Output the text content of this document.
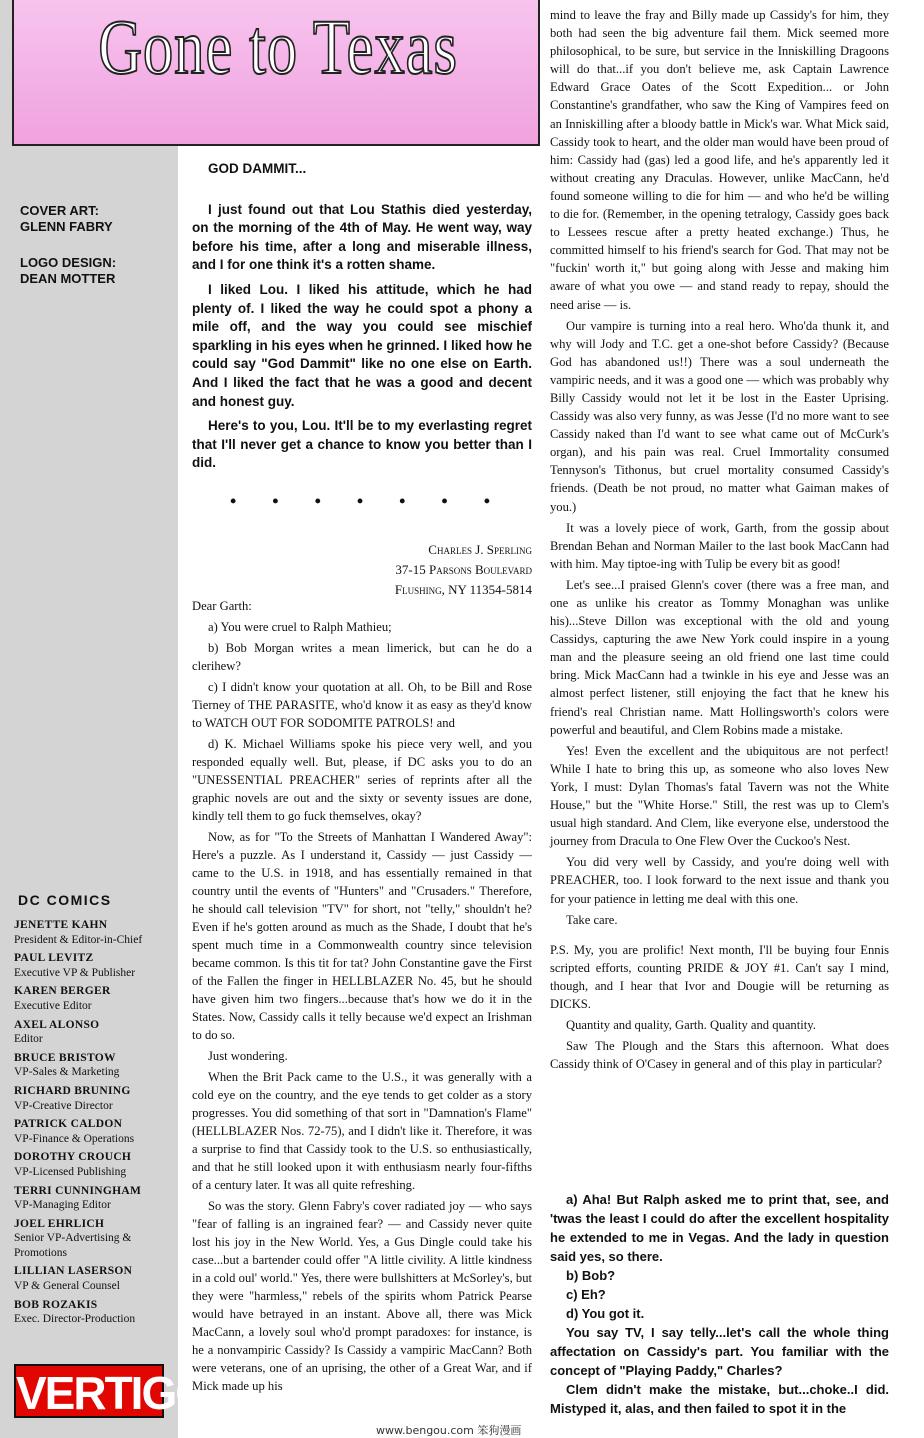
Gone to Texas
COVER ART:
GLENN FABRY
LOGO DESIGN:
DEAN MOTTER
DC COMICS
JENETTE KAHN
President & Editor-in-Chief
PAUL LEVITZ
Executive VP & Publisher
KAREN BERGER
Executive Editor
AXEL ALONSO
Editor
BRUCE BRISTOW
VP-Sales & Marketing
RICHARD BRUNING
VP-Creative Director
PATRICK CALDON
VP-Finance & Operations
DOROTHY CROUCH
VP-Licensed Publishing
TERRI CUNNINGHAM
VP-Managing Editor
JOEL EHRLICH
Senior VP-Advertising & Promotions
LILLIAN LASERSON
VP & General Counsel
BOB ROZAKIS
Exec. Director-Production
VERTIGO

GOD DAMMIT...

I just found out that Lou Stathis died yesterday, on the morning of the 4th of May. He went way, way before his time, after a long and miserable illness, and I for one think it's a rotten shame.

I liked Lou. I liked his attitude, which he had plenty of. I liked the way he could spot a phony a mile off, and the way you could see mischief sparkling in his eyes when he grinned. I liked how he could say "God Dammit" like no one else on Earth. And I liked the fact that he was a good and decent and honest guy.

Here's to you, Lou. It'll be to my everlasting regret that I'll never get a chance to know you better than I did.

• • • • • • •
Charles J. Sperling
37-15 Parsons Boulevard
Flushing, NY 11354-5814

Dear Garth:

a) You were cruel to Ralph Mathieu;

b) Bob Morgan writes a mean limerick, but can he do a clerihew?

c) I didn't know your quotation at all. Oh, to be Bill and Rose Tierney of THE PARASITE, who'd know it as easy as they'd know to WATCH OUT FOR SODOMITE PATROLS! and

d) K. Michael Williams spoke his piece very well, and you responded equally well. But, please, if DC asks you to do an "UNESSENTIAL PREACHER" series of reprints after all the graphic novels are out and the sixty or seventy issues are done, kindly tell them to go fuck themselves, okay?

Now, as for "To the Streets of Manhattan I Wandered Away": Here's a puzzle. As I understand it, Cassidy — just Cassidy — came to the U.S. in 1918, and has essentially remained in that country until the events of "Hunters" and "Crusaders." Therefore, he should call television "TV" for short, not "telly," shouldn't he? Even if he's gotten around as much as the Shade, I doubt that he's spent much time in a Commonwealth country since television became common. Is this tit for tat? John Constantine gave the First of the Fallen the finger in HELLBLAZER No. 45, but he should have given him two fingers...because that's how we do it in the States. Now, Cassidy calls it telly because we'd expect an Irishman to do so.

Just wondering.

When the Brit Pack came to the U.S., it was generally with a cold eye on the country, and the eye tends to get colder as a story progresses. You did something of that sort in "Damnation's Flame" (HELLBLAZER Nos. 72-75), and I didn't like it. Therefore, it was a surprise to find that Cassidy took to the U.S. so enthusiastically, and that he still looked upon it with enthusiasm nearly four-fifths of a century later. It was all quite refreshing.

So was the story. Glenn Fabry's cover radiated joy — who says "fear of falling is an ingrained fear? — and Cassidy never quite lost his joy in the New World. Yes, a Gus Dingle could take his case...but a bartender could offer "A little civility. A little kindness in a cold oul' world." Yes, there were bullshitters at McSorley's, but they were "harmless," rebels of the spirits whom Patrick Pearse would have betrayed in an instant. Above all, there was Mick MacCann, a lovely soul who'd prompt paradoxes: for instance, is he a nonvampiric Cassidy? Is Cassidy a vampiric MacCann? Both were veterans, one of an uprising, the other of a Great War, and if Mick made up his

mind to leave the fray and Billy made up Cassidy's for him, they both had seen the big adventure fail them. Mick seemed more philosophical, to be sure, but service in the Inniskilling Dragoons will do that...if you don't believe me, ask Captain Lawrence Edward Grace Oates of the Scott Expedition... or John Constantine's grandfather, who saw the King of Vampires feed on an Inniskilling after a bloody battle in Mick's war. What Mick said, Cassidy took to heart, and the older man would have been proud of him: Cassidy had (gas) led a good life, and he's apparently led it without creating any Draculas. However, unlike MacCann, he'd found someone willing to die for him — and who he'd be willing to die for. (Remember, in the opening tetralogy, Cassidy goes back to Lessees rescue after a pretty heated exchange.) Thus, he committed himself to his friend's search for God. That may not be "fuckin' worth it," but going along with Jesse and making him aware of what you owe — and stand ready to repay, should the need arise — is.

Our vampire is turning into a real hero. Who'da thunk it, and why will Jody and T.C. get a one-shot before Cassidy? (Because God has abandoned us!!) There was a soul underneath the vampiric needs, and it was a good one — which was probably why Billy Cassidy would not let it be lost in the Easter Uprising. Cassidy was also very funny, as was Jesse (I'd no more want to see Cassidy naked than I'd want to see what came out of McCurk's organ), and his pain was real. Cruel Immortality consumed Tennyson's Tithonus, but cruel mortality consumed Cassidy's friends. (Death be not proud, no matter what Gaiman makes of you.)

It was a lovely piece of work, Garth, from the gossip about Brendan Behan and Norman Mailer to the last book MacCann had with him. May tiptoe-ing with Tulip be every bit as good!

Let's see...I praised Glenn's cover (there was a free man, and one as unlike his creator as Tommy Monaghan was unlike his)...Steve Dillon was exceptional with the old and young Cassidys, capturing the awe New York could inspire in a young man and the pleasure seeing an old friend one last time could bring. Mick MacCann had a twinkle in his eye and Jesse was an almost perfect listener, still enjoying the fact that he knew his friend's real Christian name. Matt Hollingsworth's colors were powerful and beautiful, and Clem Robins made a mistake.

Yes! Even the excellent and the ubiquitous are not perfect! While I hate to bring this up, as someone who also loves New York, I must: Dylan Thomas's fatal Tavern was not the White House," but the "White Horse." Still, the rest was up to Clem's usual high standard. And Clem, like everyone else, understood the journey from Dracula to One Flew Over the Cuckoo's Nest.

You did very well by Cassidy, and you're doing well with PREACHER, too. I look forward to the next issue and thank you for your patience in letting me deal with this one.

Take care.

P.S. My, you are prolific! Next month, I'll be buying four Ennis scripted efforts, counting PRIDE & JOY #1. Can't say I mind, though, and I hear that Ivor and Dougie will be returning as DICKS.

Quantity and quality, Garth. Quality and quantity.

Saw The Plough and the Stars this afternoon. What does Cassidy think of O'Casey in general and of this play in particular?

a) Aha! But Ralph asked me to print that, see, and 'twas the least I could do after the excellent hospitality he extended to me in Vegas. And the lady in question said yes, so there.

b) Bob?

c) Eh?

d) You got it.

You say TV, I say telly...let's call the whole thing affectation on Cassidy's part. You familiar with the concept of "Playing Paddy," Charles?

Clem didn't make the mistake, but...choke..I did. Mistyped it, alas, and then failed to spot it in the

www.bengou.com 笨狗漫画
